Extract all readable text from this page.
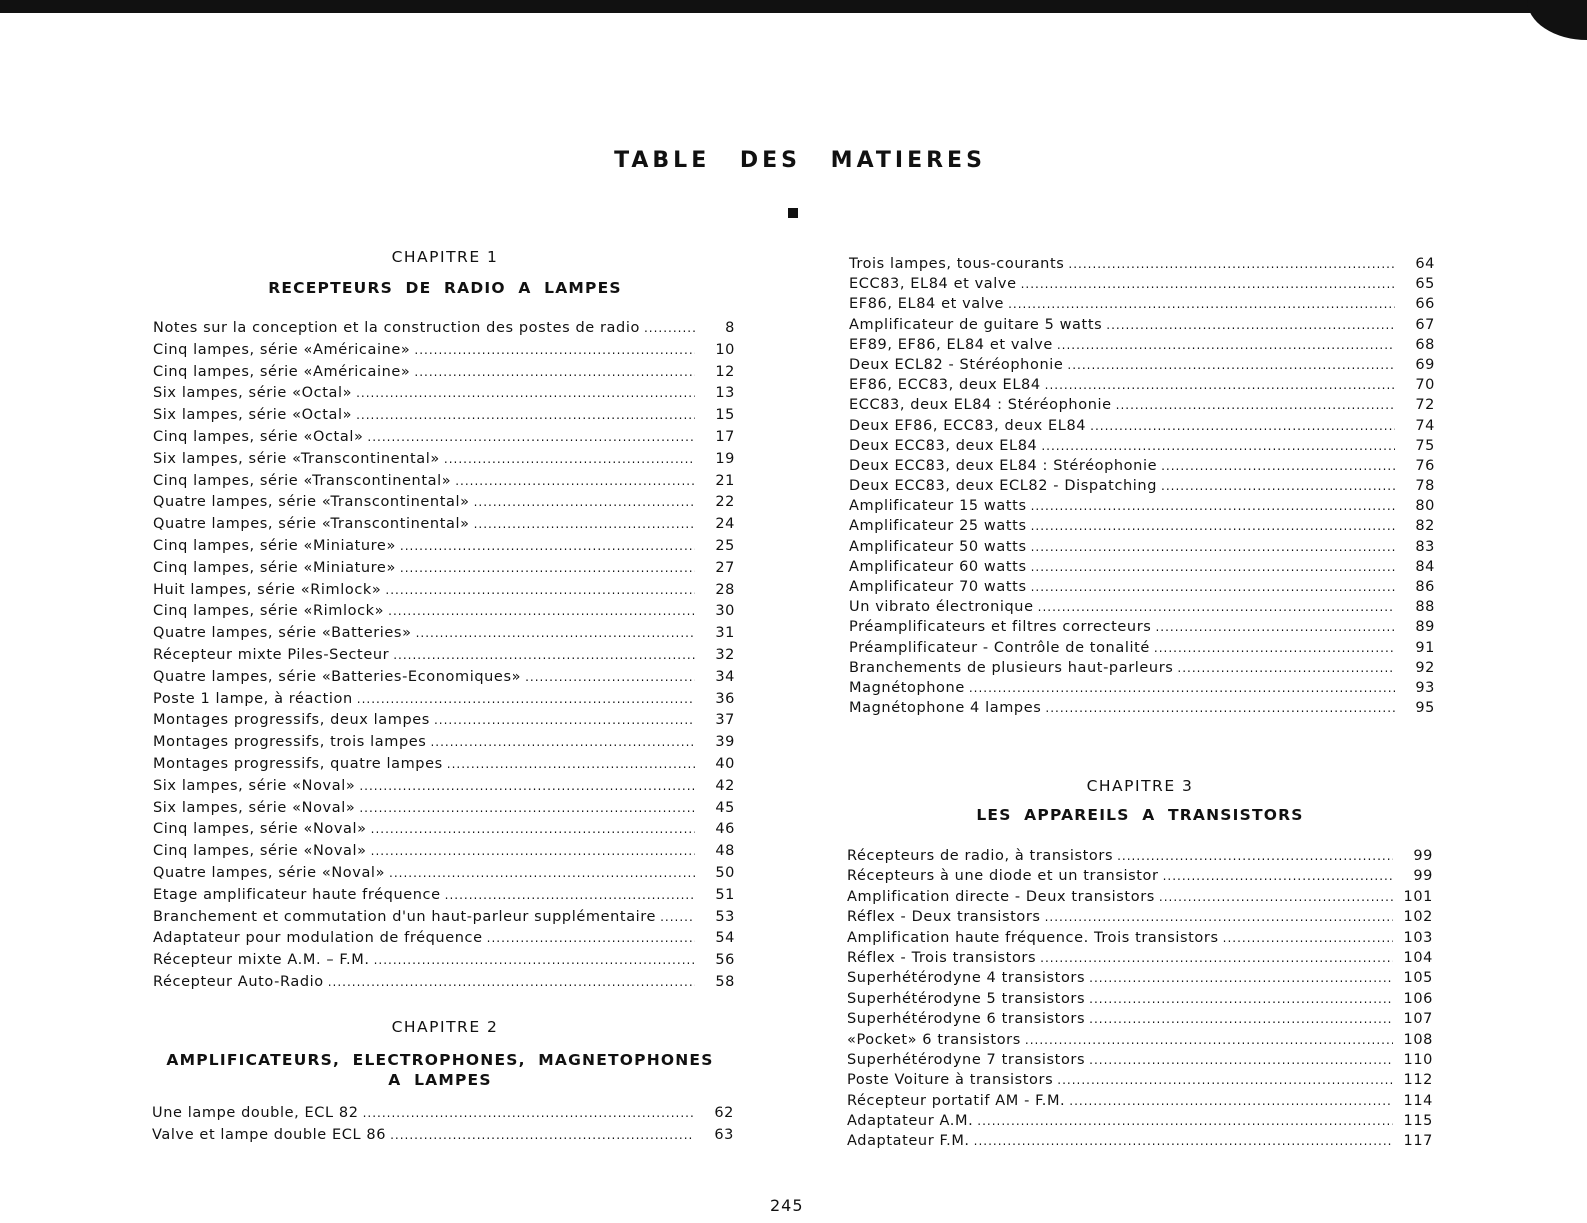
TABLE DES MATIERES
CHAPITRE 1
RECEPTEURS DE RADIO A LAMPES
Notes sur la conception et la construction des postes de radio .....	8
Cinq lampes, série «Américaine» .....	10
Cinq lampes, série «Américaine» .....	12
Six lampes, série «Octal» .....	13
Six lampes, série «Octal» .....	15
Cinq lampes, série «Octal» .....	17
Six lampes, série «Transcontinental» .....	19
Cinq lampes, série «Transcontinental» .....	21
Quatre lampes, série «Transcontinental» .....	22
Quatre lampes, série «Transcontinental» .....	24
Cinq lampes, série «Miniature» .....	25
Cinq lampes, série «Miniature» .....	27
Huit lampes, série «Rimlock» .....	28
Cinq lampes, série «Rimlock» .....	30
Quatre lampes, série «Batteries» .....	31
Récepteur mixte Piles-Secteur .....	32
Quatre lampes, série «Batteries-Economiques» .....	34
Poste 1 lampe, à réaction .....	36
Montages progressifs, deux lampes .....	37
Montages progressifs, trois lampes .....	39
Montages progressifs, quatre lampes .....	40
Six lampes, série «Noval» .....	42
Six lampes, série «Noval» .....	45
Cinq lampes, série «Noval» .....	46
Cinq lampes, série «Noval» .....	48
Quatre lampes, série «Noval» .....	50
Etage amplificateur haute fréquence .....	51
Branchement et commutation d'un haut-parleur supplémentaire .....	53
Adaptateur pour modulation de fréquence .....	54
Récepteur mixte A.M. – F.M. .....	56
Récepteur Auto-Radio .....	58
CHAPITRE 2
AMPLIFICATEURS, ELECTROPHONES, MAGNETOPHONES
A LAMPES
Une lampe double, ECL 82 .....	62
Valve et lampe double ECL 86 .....	63
Trois lampes, tous-courants .....	64
ECC83, EL84 et valve .....	65
EF86, EL84 et valve .....	66
Amplificateur de guitare 5 watts .....	67
EF89, EF86, EL84 et valve .....	68
Deux ECL82 - Stéréophonie .....	69
EF86, ECC83, deux EL84 .....	70
ECC83, deux EL84 : Stéréophonie .....	72
Deux EF86, ECC83, deux EL84 .....	74
Deux ECC83, deux EL84 .....	75
Deux ECC83, deux EL84 : Stéréophonie .....	76
Deux ECC83, deux ECL82 - Dispatching .....	78
Amplificateur 15 watts .....	80
Amplificateur 25 watts .....	82
Amplificateur 50 watts .....	83
Amplificateur 60 watts .....	84
Amplificateur 70 watts .....	86
Un vibrato électronique .....	88
Préamplificateurs et filtres correcteurs .....	89
Préamplificateur - Contrôle de tonalité .....	91
Branchements de plusieurs haut-parleurs .....	92
Magnétophone .....	93
Magnétophone 4 lampes .....	95
CHAPITRE 3
LES APPAREILS A TRANSISTORS
Récepteurs de radio, à transistors .....	99
Récepteurs à une diode et un transistor .....	99
Amplification directe - Deux transistors .....	101
Réflex - Deux transistors .....	102
Amplification haute fréquence. Trois transistors .....	103
Réflex - Trois transistors .....	104
Superhétérodyne 4 transistors .....	105
Superhétérodyne 5 transistors .....	106
Superhétérodyne 6 transistors .....	107
«Pocket» 6 transistors .....	108
Superhétérodyne 7 transistors .....	110
Poste Voiture à transistors .....	112
Récepteur portatif AM - F.M. .....	114
Adaptateur A.M. .....	115
Adaptateur F.M. .....	117
245
